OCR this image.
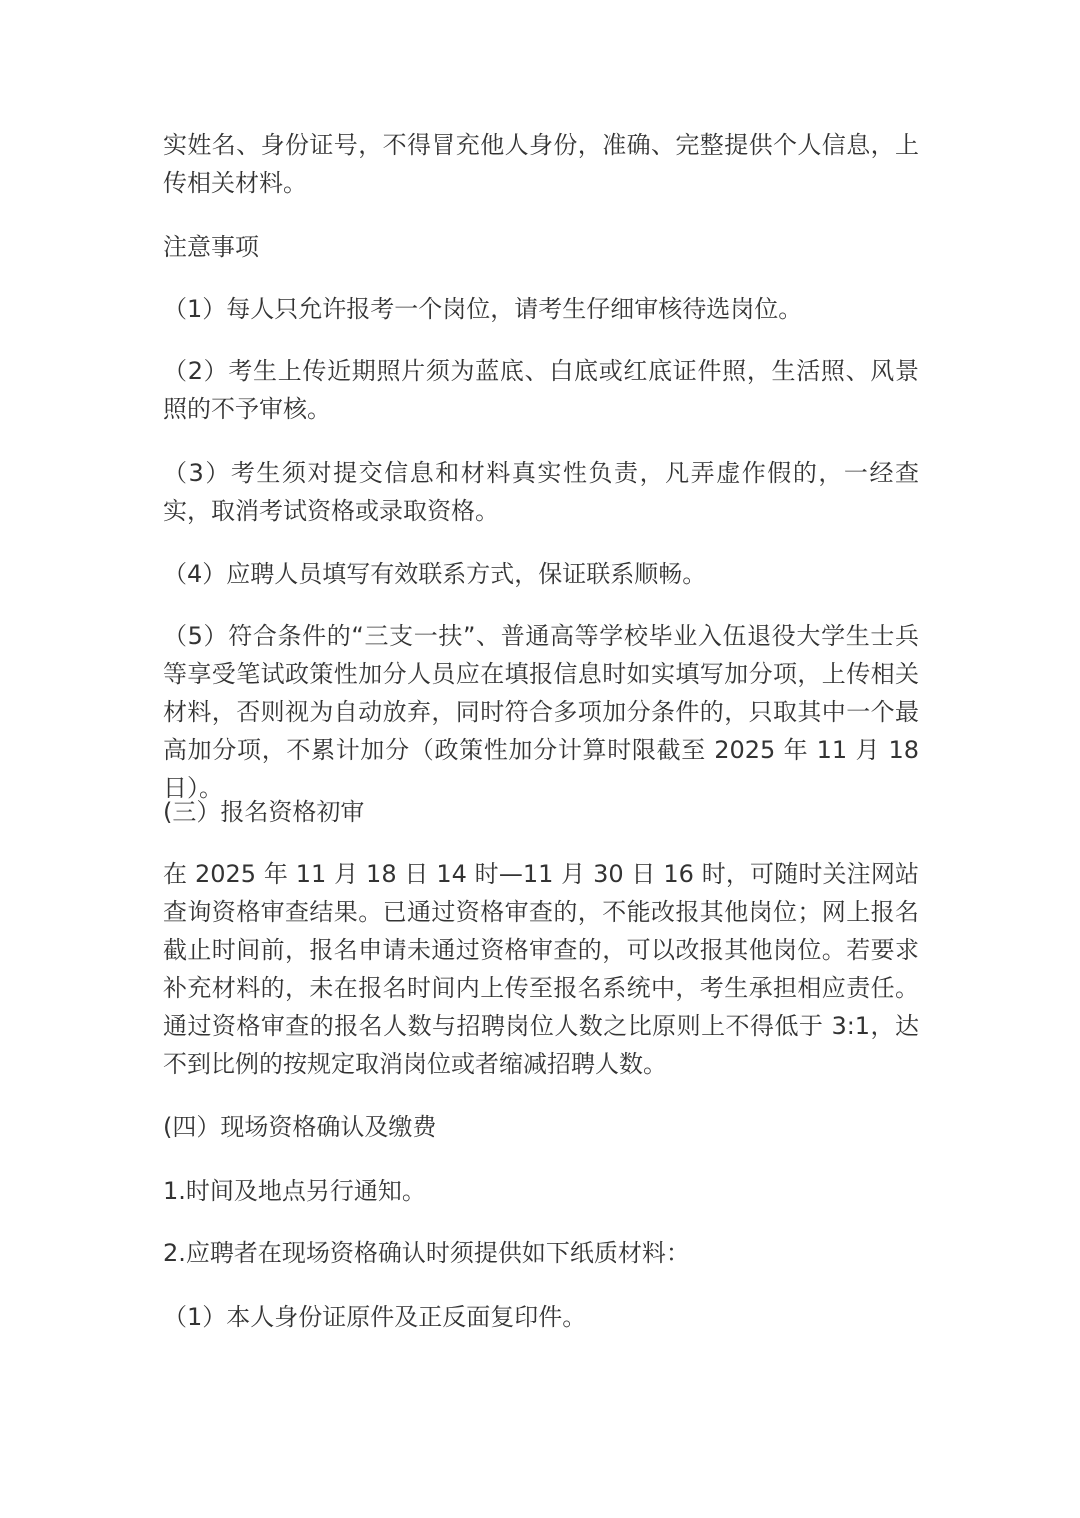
实姓名、身份证号，不得冒充他人身份，准确、完整提供个人信息，上传相关材料。

注意事项

（1）每人只允许报考一个岗位，请考生仔细审核待选岗位。

（2）考生上传近期照片须为蓝底、白底或红底证件照，生活照、风景照的不予审核。

（3）考生须对提交信息和材料真实性负责，凡弄虚作假的，一经查实，取消考试资格或录取资格。

（4）应聘人员填写有效联系方式，保证联系顺畅。

（5）符合条件的“三支一扶”、普通高等学校毕业入伍退役大学生士兵等享受笔试政策性加分人员应在填报信息时如实填写加分项，上传相关材料，否则视为自动放弃，同时符合多项加分条件的，只取其中一个最高加分项，不累计加分（政策性加分计算时限截至 2025 年 11 月 18 日）。

(三）报名资格初审

在 2025 年 11 月 18 日 14 时—11 月 30 日 16 时，可随时关注网站查询资格审查结果。已通过资格审查的，不能改报其他岗位；网上报名截止时间前，报名申请未通过资格审查的，可以改报其他岗位。若要求补充材料的，未在报名时间内上传至报名系统中，考生承担相应责任。通过资格审查的报名人数与招聘岗位人数之比原则上不得低于 3:1，达不到比例的按规定取消岗位或者缩减招聘人数。

(四）现场资格确认及缴费

1.时间及地点另行通知。

2.应聘者在现场资格确认时须提供如下纸质材料：

（1）本人身份证原件及正反面复印件。
